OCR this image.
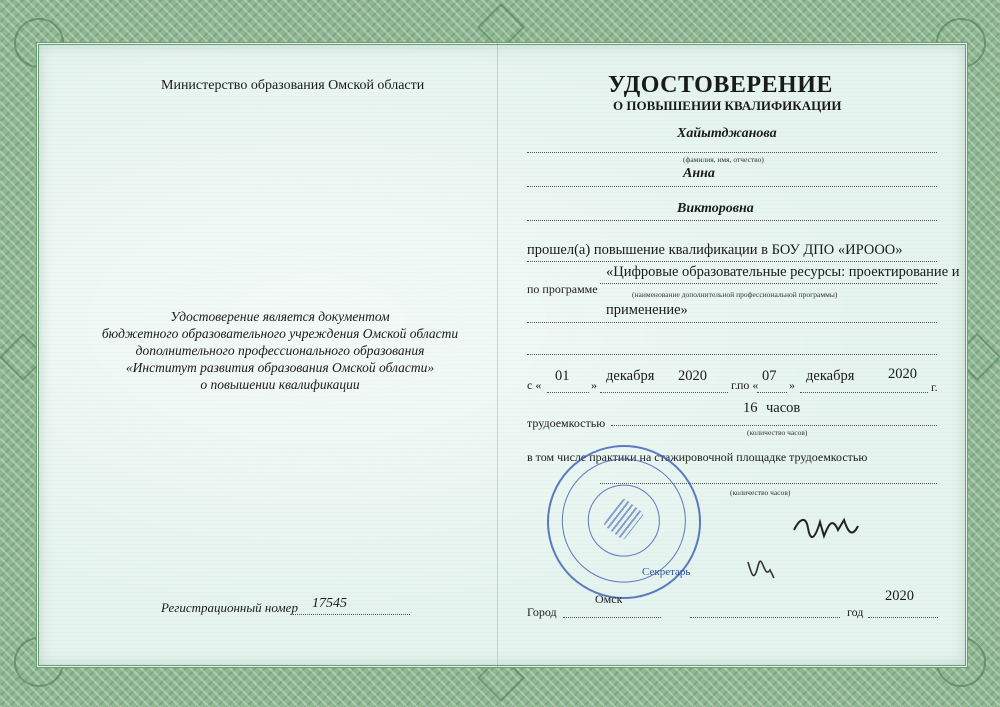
Министерство образования Омской области
Удостоверение является документом
бюджетного образовательного учреждения Омской области
дополнительного профессионального образования
«Институт развития образования Омской области»
о повышении квалификации
Регистрационный номер 17545
УДОСТОВЕРЕНИЕ
О ПОВЫШЕНИИ КВАЛИФИКАЦИИ
Хайытджанова
(фамилия, имя, отчество)
Анна
Викторовна
прошел(а) повышение квалификации в БОУ ДПО «ИРООО»
по программе
«Цифровые образовательные ресурсы: проектирование и
(наименование дополнительной профессиональной программы)
применение»
с «
01
»
декабря 2020
г. по «
07
»
декабря 2020
г.
16 часов
трудоемкостью
(количество часов)
в том числе практики на стажировочной площадке трудоемкостью
(количество часов)
Секретарь
Город
Омск
год
2020
